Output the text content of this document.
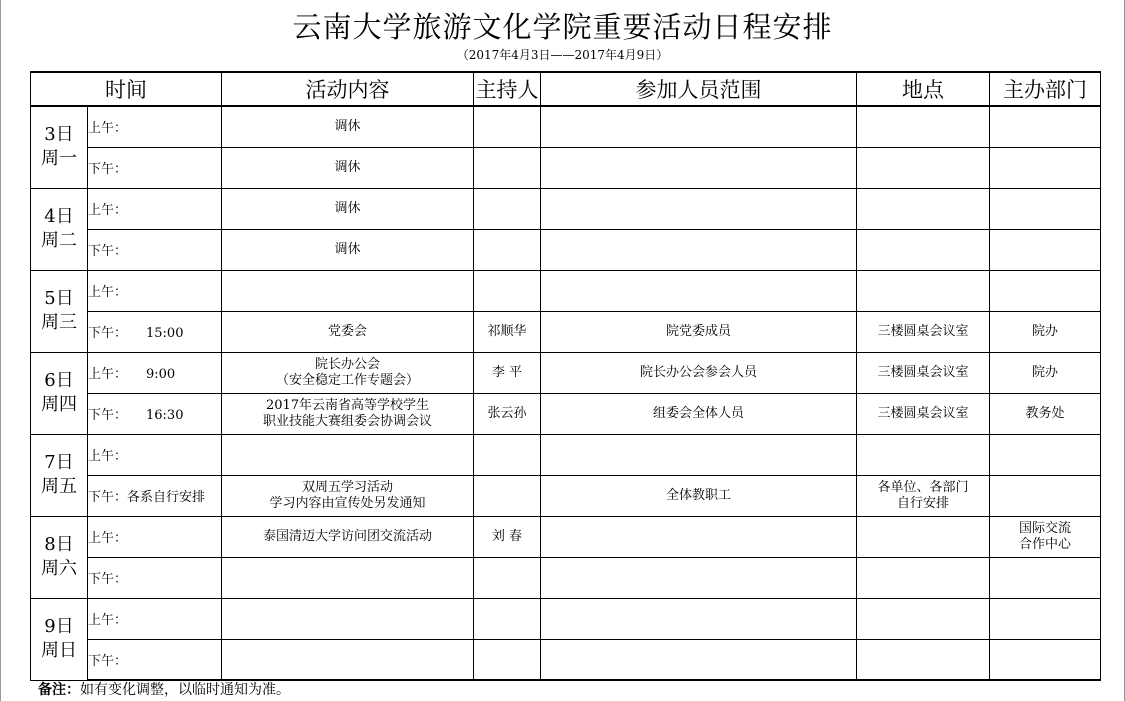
云南大学旅游文化学院重要活动日程安排
（2017年4月3日——2017年4月9日）
时间		活动内容	主持人	参加人员范围	地点	主办部门

3日
周一	上午：	调休				

	下午：	调休				

4日
周二	上午：	调休				

	下午：	调休				

5日
周三	上午：					
	下午： 15:00	党委会	祁顺华	院党委成员	三楼圆桌会议室	院办

6日
周四	上午： 9:00	院长办公会
（安全稳定工作专题会）	李 平	院长办公会参会人员	三楼圆桌会议室	院办

	下午： 16:30	2017年云南省高等学校学生
职业技能大赛组委会协调会议	张云孙	组委会全体人员	三楼圆桌会议室	教务处

7日
周五	上午：					
	下午：各系自行安排	双周五学习活动
学习内容由宣传处另发通知		全体教职工	各单位、各部门
自行安排	

8日
周六	上午：	泰国清迈大学访问团交流活动	刘 春			国际交流
合作中心

	下午：					

9日
周日	上午：					
	下午：					
备注：如有变化调整，以临时通知为准。
